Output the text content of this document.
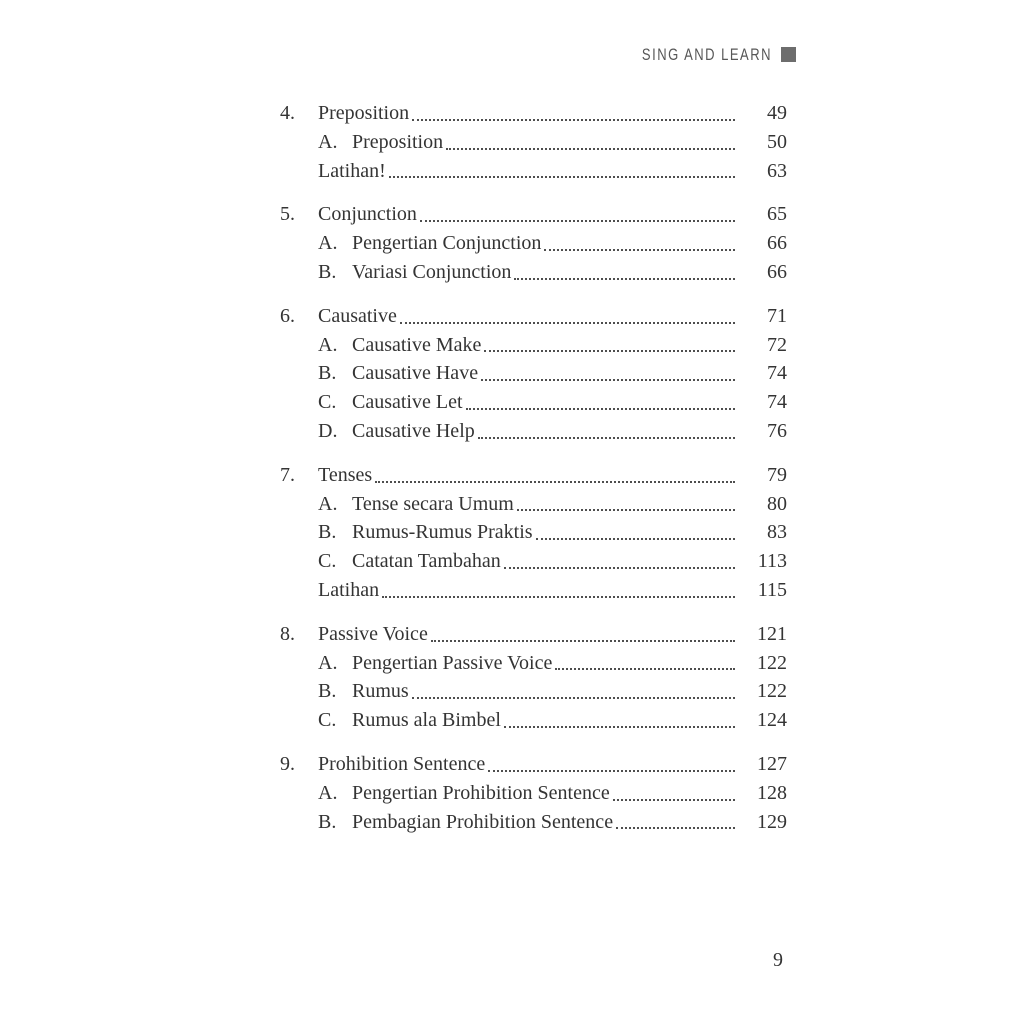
SING AND LEARN
4.	Preposition	49
A. Preposition	50
Latihan!	63
5.	Conjunction	65
A. Pengertian Conjunction	66
B. Variasi Conjunction	66
6.	Causative	71
A. Causative Make	72
B. Causative Have	74
C. Causative Let	74
D. Causative Help	76
7.	Tenses	79
A. Tense secara Umum	80
B. Rumus-Rumus Praktis	83
C. Catatan Tambahan	113
Latihan	115
8.	Passive Voice	121
A. Pengertian Passive Voice	122
B. Rumus	122
C. Rumus ala Bimbel	124
9.	Prohibition Sentence	127
A. Pengertian Prohibition Sentence	128
B. Pembagian Prohibition Sentence	129
9
